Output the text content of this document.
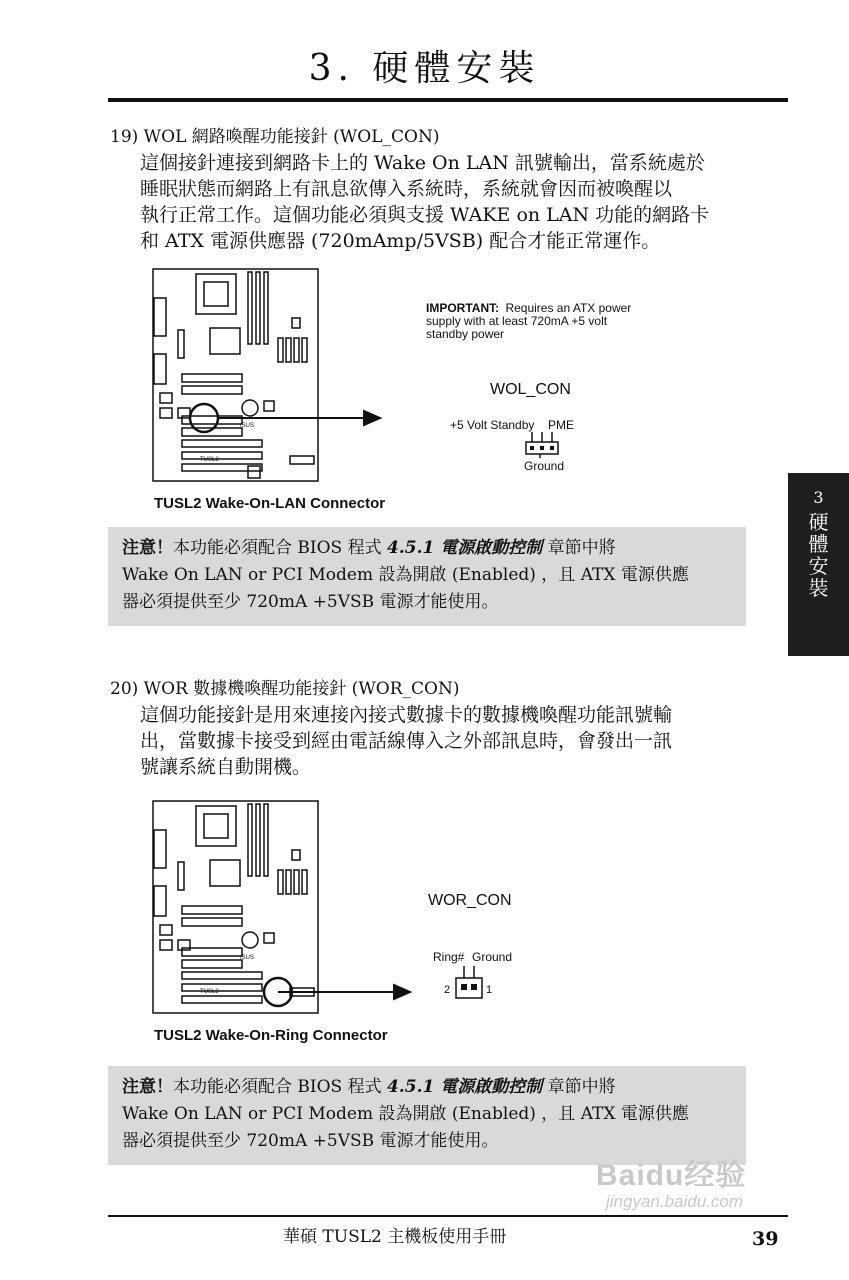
3. 硬體安裝
3
硬
體
安
裝
19) WOL 網路喚醒功能接針 (WOL_CON)
這個接針連接到網路卡上的 Wake On LAN 訊號輸出，當系統處於
睡眠狀態而網路上有訊息欲傳入系統時，系統就會因而被喚醒以
執行正常工作。這個功能必須與支援 WAKE on LAN 功能的網路卡
和 ATX 電源供應器 (720mAmp/5VSB) 配合才能正常運作。
/SUS
TUSL2
IMPORTANT: Requires an ATX power
supply with at least 720mA +5 volt
standby power
WOL_CON
+5 Volt Standby PME
Ground
TUSL2 Wake-On-LAN Connector
注意！本功能必須配合 BIOS 程式 4.5.1 電源啟動控制 章節中將
Wake On LAN or PCI Modem 設為開啟 (Enabled) ，且 ATX 電源供應
器必須提供至少 720mA +5VSB 電源才能使用。
20) WOR 數據機喚醒功能接針 (WOR_CON)
這個功能接針是用來連接內接式數據卡的數據機喚醒功能訊號輸
出，當數據卡接受到經由電話線傳入之外部訊息時，會發出一訊
號讓系統自動開機。
/SUS
TUSL2
WOR_CON
Ring# Ground
2	1
TUSL2 Wake-On-Ring Connector
注意！本功能必須配合 BIOS 程式 4.5.1 電源啟動控制 章節中將
Wake On LAN or PCI Modem 設為開啟 (Enabled) ，且 ATX 電源供應
器必須提供至少 720mA +5VSB 電源才能使用。
Baidu经验
jingyan.baidu.com
華碩 TUSL2 主機板使用手冊	39
